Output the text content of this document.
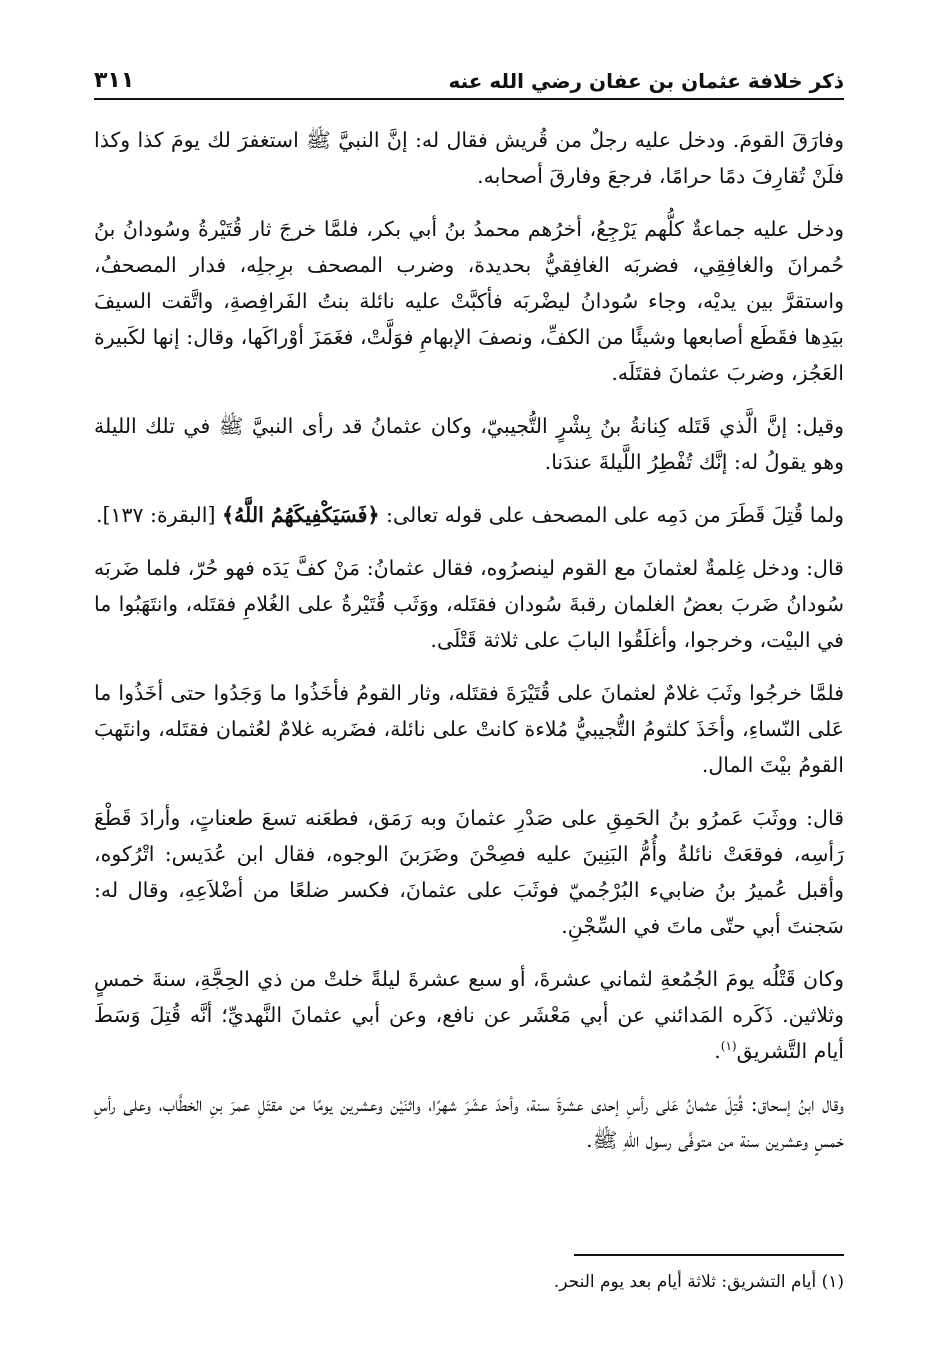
ذكر خلافة عثمان بن عفان رضي الله عنه
٣١١

وفارَقَ القومَ. ودخل عليه رجلٌ من قُريش فقال له: إنَّ النبيَّ ﷺ استغفرَ لك يومَ كذا وكذا فلَنْ تُقارِفَ دمًا حرامًا، فرجعَ وفارقَ أصحابه.

ودخل عليه جماعةٌ كلُّهم يَرْجِعُ، أخرُهم محمدُ بنُ أبي بكر، فلمَّا خرجَ ثار قُتَيْرةُ وسُودانُ بنُ حُمرانَ والغافِقِي، فضربَه الغافِقيُّ بحديدة، وضرب المصحف برِجلِه، فدار المصحفُ، واستقرَّ بين يديْه، وجاء سُودانُ ليضْربَه فأكبَّتْ عليه نائلة بنتُ الفَرافِصةِ، واتَّقت السيفَ بيَدِها فقَطَع أصابعها وشيئًا من الكفِّ، ونصفَ الإبهامِ فوَلَّتْ، فغَمَزَ أوْراكَها، وقال: إنها لكَبيرة العَجُز، وضربَ عثمانَ فقتَلَه.

وقيل: إنَّ الَّذي قَتَله كِنانةُ بنُ بِشْرٍ التُّجيبيّ، وكان عثمانُ قد رأى النبيَّ ﷺ في تلك الليلة وهو يقولُ له: إنَّك تُفْطِرُ اللَّيلةَ عندَنا.

ولما قُتِلَ قَطَرَ من دَمِه على المصحف على قوله تعالى: ﴿فَسَيَكْفِيكَهُمُ اللَّهُ﴾ [البقرة: ١٣٧].

قال: ودخل غِلمةٌ لعثمانَ مع القوم لينصرُوه، فقال عثمانُ: مَنْ كفَّ يَدَه فهو حُرّ، فلما ضَربَه سُودانُ ضَربَ بعضُ الغلمان رقبةَ سُودان فقتَله، ووَثَب قُتَيْرةُ على الغُلامِ فقتَله، وانتَهَبُوا ما في البيْت، وخرجوا، وأغلَقُوا البابَ على ثلاثة قَتْلَى.

فلمَّا خرجُوا وثَبَ غلامٌ لعثمانَ على قُتَيْرَةَ فقتَله، وثار القومُ فأخَذُوا ما وَجَدُوا حتى أخَذُوا ما عَلى النّساءِ، وأخَذَ كلثومُ التُّجيبيُّ مُلاءة كانتْ على نائلة، فضَربه غلامٌ لعُثمان فقتَله، وانتَهبَ القومُ بيْتَ المال.

قال: ووثَبَ عَمرُو بنُ الحَمِقِ على صَدْرِ عثمانَ وبه رَمَق، فطعَنه تسعَ طعناتٍ، وأرادَ قَطْعَ رَأسِه، فوقعَتْ نائلةُ وأُمُّ البَنِينَ عليه فصِحْنَ وضَرَبنَ الوجوه، فقال ابن عُدَيس: اتْرُكوه، وأقبل عُميرُ بنُ ضابيء البُرْجُميّ فوثَبَ على عثمانَ، فكسر ضلعًا من أضْلاَعِهِ، وقال له: سَجنتَ أبي حتّى ماتَ في السِّجْنِ.

وكان قَتْلُه يومَ الجُمُعةِ لثماني عشرةَ، أو سبع عشرةَ ليلةً خلتْ من ذي الحِجَّةِ، سنةَ خمسٍ وثلاثين. ذَكَره المَدائني عن أبي مَعْشَر عن نافع، وعن أبي عثمانَ النَّهديِّ؛ أنَّه قُتِلَ وَسَطَ أيام التَّشريق$^{(١)}$.

وقال ابنُ إسحاق: قُتِلَ عثمانُ عَلى رأسِ إحدى عشرةَ سنة، وأحدَ عشَرَ شهرًا، واثنَيْن وعشرين يومًا من مقتَلِ عمرَ بنِ الخطَّاب، وعلى رأسِ خمسٍ وعشرين سنة من متوفَّى رسول اللهِ ﷺ.

(١) أيام التشريق: ثلاثة أيام بعد يوم النحر.
